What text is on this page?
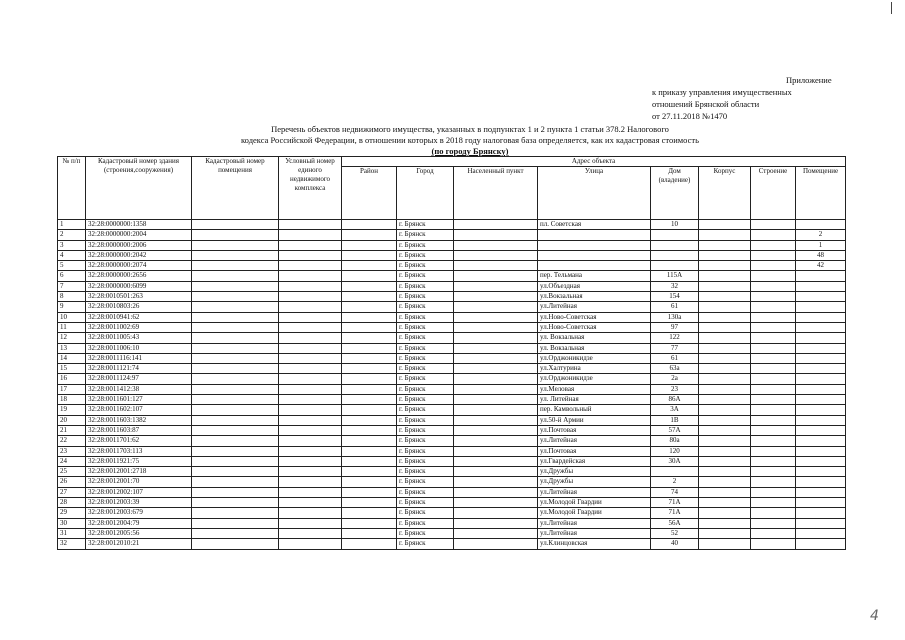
Приложение
к приказу управления имущественных
отношений Брянской области
от 27.11.2018 №1470
Перечень объектов недвижимого имущества, указанных в подпунктах 1 и 2 пункта 1 статьи 378.2 Налогового
кодекса Российской Федерации, в отношении которых в 2018 году налоговая база определяется, как их кадастровая стоимость
(по городу Брянску)
№ п/п	Кадастровый номер здания (строения,сооружения)	Кадастровый номер помещения	Условный номер единого недвижимого комплекса	Адрес объекта							
				Район	Город	Населенный пункт	Улица	Дом (владение)	Корпус	Строение	Помещение
1	32:28:0000000:1358				г. Брянск		пл. Советская	10			
2	32:28:0000000:2004				г. Брянск						2
3	32:28:0000000:2006				г. Брянск						1
4	32:28:0000000:2042				г. Брянск						48
5	32:28:0000000:2074				г. Брянск						42
6	32:28:0000000:2656				г. Брянск		пер. Тельмана	115А			
7	32:28:0000000:6099				г. Брянск		ул.Объездная	32			
8	32:28:0010501:263				г. Брянск		ул.Вокзальная	154			
9	32:28:0010803:26				г. Брянск		ул.Литейная	61			
10	32:28:0010941:62				г. Брянск		ул.Ново-Советская	130а			
11	32:28:0011002:69				г. Брянск		ул.Ново-Советская	97			
12	32:28:0011005:43				г. Брянск		ул. Вокзальная	122			
13	32:28:0011006:10				г. Брянск		ул. Вокзальная	77			
14	32:28:0011116:141				г. Брянск		ул.Орджоникидзе	61			
15	32:28:0011121:74				г. Брянск		ул.Халтурина	63а			
16	32:28:0011124:97				г. Брянск		ул.Орджоникидзе	2а			
17	32:28:0011412:38				г. Брянск		ул.Меловая	23			
18	32:28:0011601:127				г. Брянск		ул. Литейная	86А			
19	32:28:0011602:107				г. Брянск		пер. Камвольный	3А			
20	32:28:0011603:1382				г. Брянск		ул.50-й Армии	1В			
21	32:28:0011603:87				г. Брянск		ул.Почтовая	57А			
22	32:28:0011701:62				г. Брянск		ул.Литейная	80а			
23	32:28:0011703:113				г. Брянск		ул.Почтовая	120			
24	32:28:0011921:75				г. Брянск		ул.Гвардейская	30А			
25	32:28:0012001:2718				г. Брянск		ул.Дружбы				
26	32:28:0012001:70				г. Брянск		ул.Дружбы	2			
27	32:28:0012002:107				г. Брянск		ул.Литейная	74			
28	32:28:0012003:39				г. Брянск		ул.Молодой Гвардии	71А			
29	32:28:0012003:679				г. Брянск		ул.Молодой Гвардии	71А			
30	32:28:0012004:79				г. Брянск		ул.Литейная	56А			
31	32:28:0012005:56				г. Брянск		ул.Литейная	52			
32	32:28:0012010:21				г. Брянск		ул.Клинцовская	40			
4
